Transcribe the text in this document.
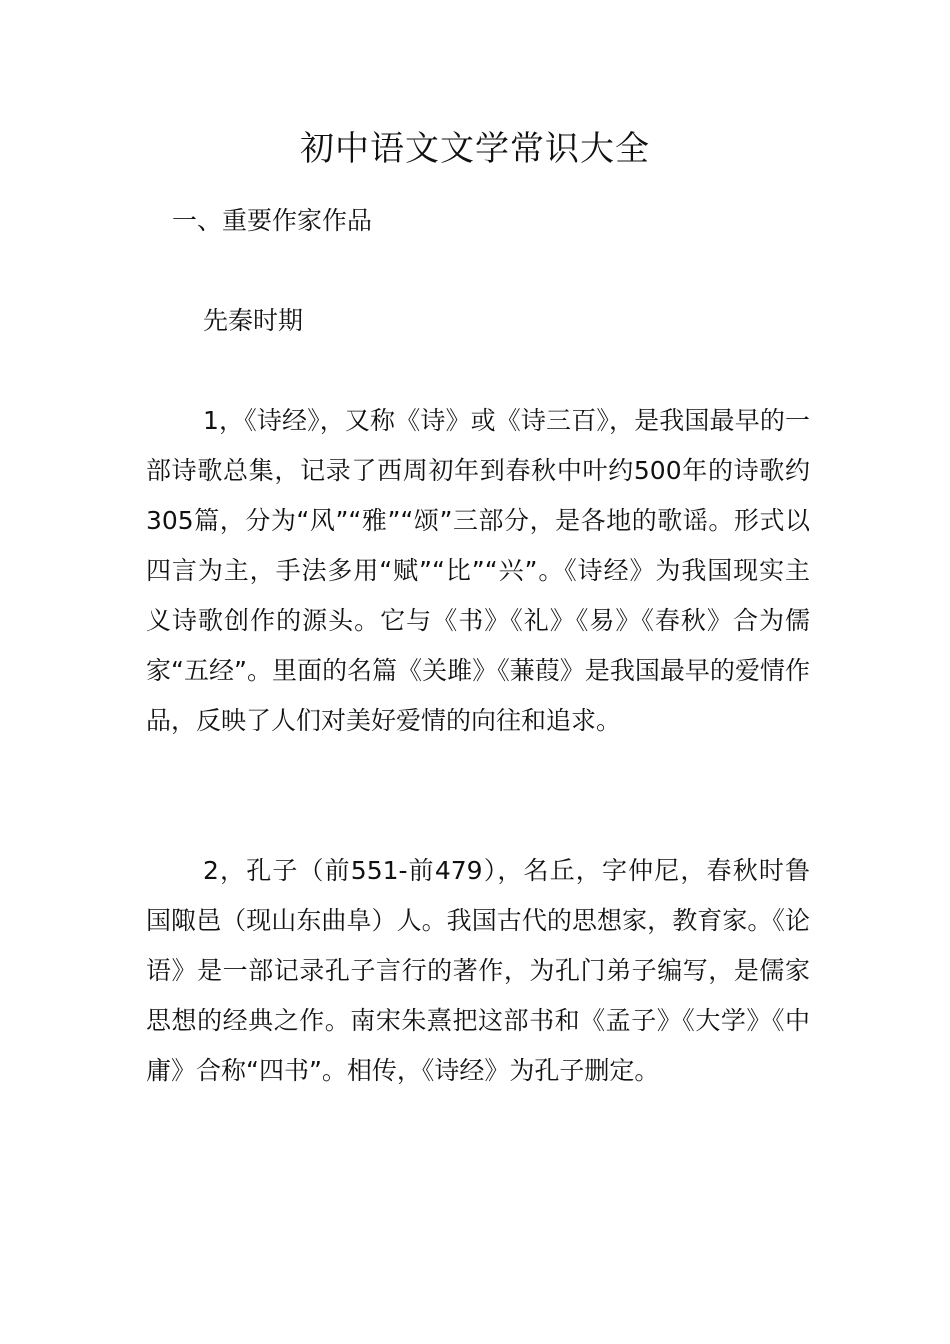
初中语文文学常识大全
一、重要作家作品
先秦时期

1，《诗经》，又称《诗》或《诗三百》，是我国最早的一部诗歌总集，记录了西周初年到春秋中叶约500年的诗歌约305篇，分为“风”“雅”“颂”三部分，是各地的歌谣。形式以四言为主，手法多用“赋”“比”“兴”。《诗经》为我国现实主义诗歌创作的源头。它与《书》《礼》《易》《春秋》合为儒家“五经”。里面的名篇《关雎》《蒹葭》是我国最早的爱情作品，反映了人们对美好爱情的向往和追求。

2，孔子（前551-前479），名丘，字仲尼，春秋时鲁国陬邑（现山东曲阜）人。我国古代的思想家，教育家。《论语》是一部记录孔子言行的著作，为孔门弟子编写，是儒家思想的经典之作。南宋朱熹把这部书和《孟子》《大学》《中庸》合称“四书”。相传，《诗经》为孔子删定。
